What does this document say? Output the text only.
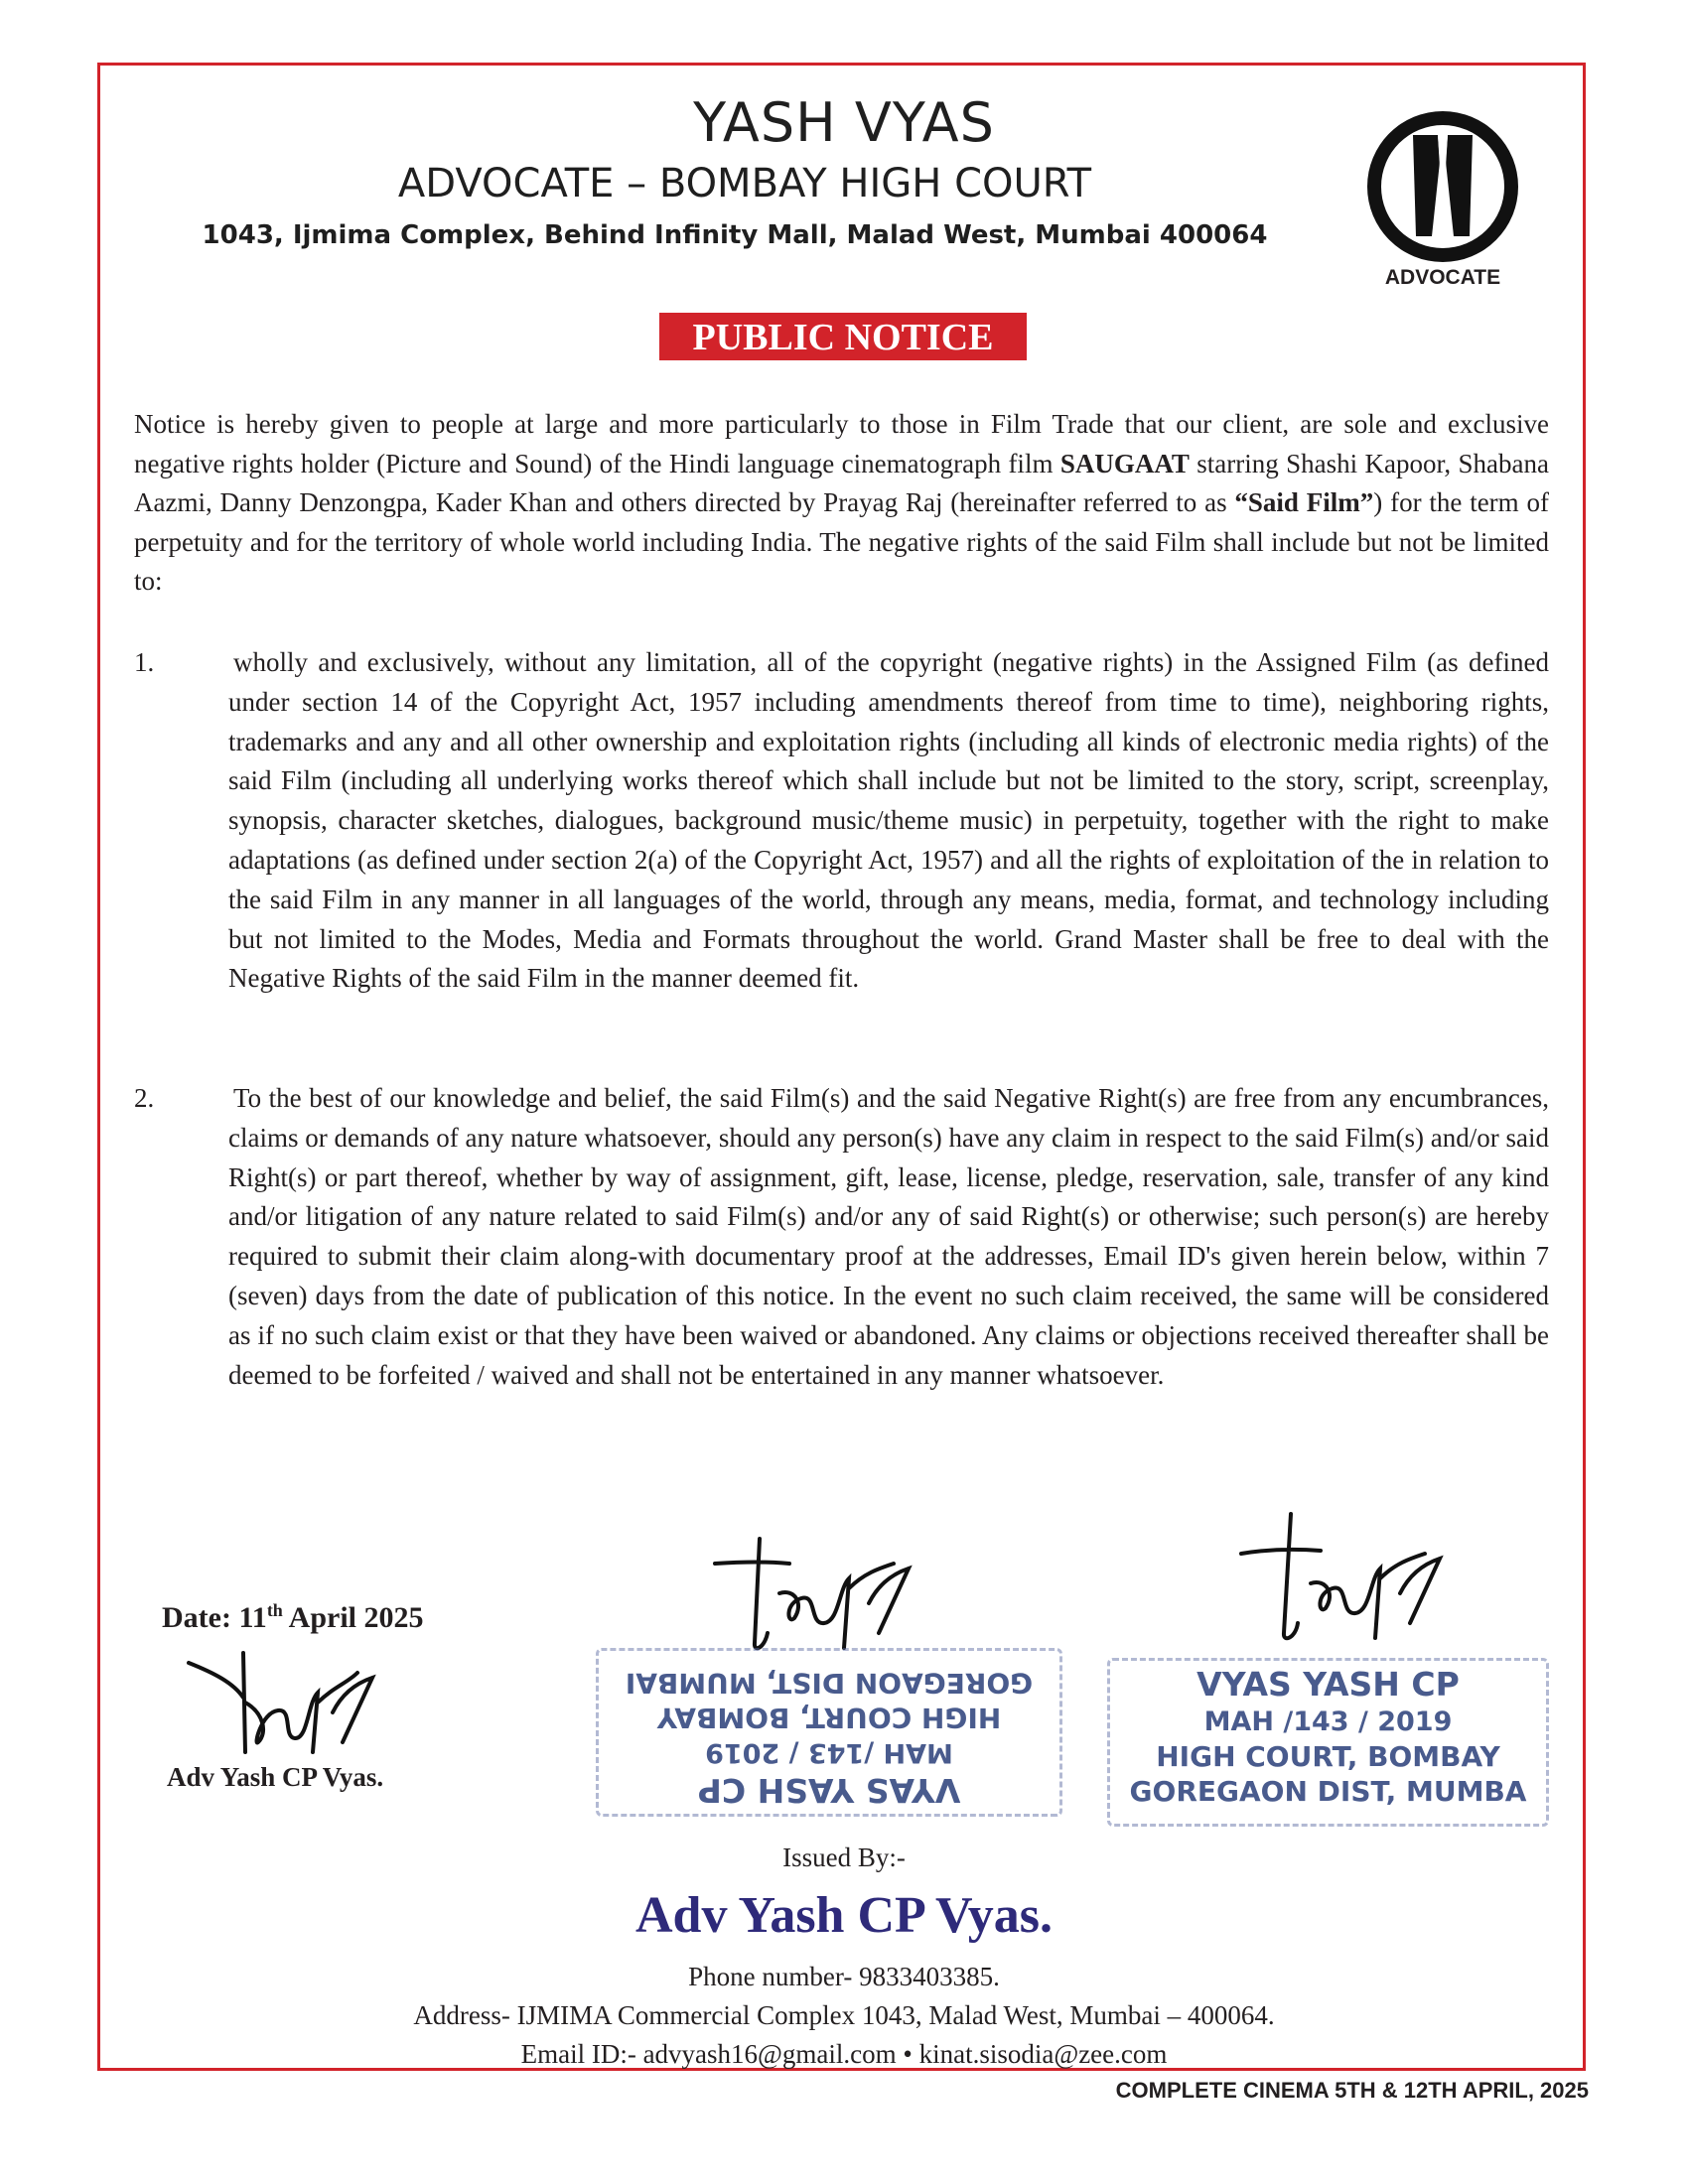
YASH VYAS
ADVOCATE – BOMBAY HIGH COURT
1043, Ijmima Complex, Behind Infinity Mall, Malad West, Mumbai 400064
ADVOCATE
PUBLIC NOTICE
Notice is hereby given to people at large and more particularly to those in Film Trade that our client, are sole and exclusive negative rights holder (Picture and Sound) of the Hindi language cinematograph film SAUGAAT starring Shashi Kapoor, Shabana Aazmi, Danny Denzongpa, Kader Khan and others directed by Prayag Raj (hereinafter referred to as “Said Film”) for the term of perpetuity and for the territory of whole world including India. The negative rights of the said Film shall include but not be limited to:
1.	wholly and exclusively, without any limitation, all of the copyright (negative rights) in the Assigned Film (as defined under section 14 of the Copyright Act, 1957 including amendments thereof from time to time), neighboring rights, trademarks and any and all other ownership and exploitation rights (including all kinds of electronic media rights) of the said Film (including all underlying works thereof which shall include but not be limited to the story, script, screenplay, synopsis, character sketches, dialogues, background music/theme music) in perpetuity, together with the right to make adaptations (as defined under section 2(a) of the Copyright Act, 1957) and all the rights of exploitation of the in relation to the said Film in any manner in all languages of the world, through any means, media, format, and technology including but not limited to the Modes, Media and Formats throughout the world. Grand Master shall be free to deal with the Negative Rights of the said Film in the manner deemed fit.
2.	To the best of our knowledge and belief, the said Film(s) and the said Negative Right(s) are free from any encumbrances, claims or demands of any nature whatsoever, should any person(s) have any claim in respect to the said Film(s) and/or said Right(s) or part thereof, whether by way of assignment, gift, lease, license, pledge, reservation, sale, transfer of any kind and/or litigation of any nature related to said Film(s) and/or any of said Right(s) or otherwise; such person(s) are hereby required to submit their claim along-with documentary proof at the addresses, Email ID's given herein below, within 7 (seven) days from the date of publication of this notice. In the event no such claim received, the same will be considered as if no such claim exist or that they have been waived or abandoned. Any claims or objections received thereafter shall be deemed to be forfeited / waived and shall not be entertained in any manner whatsoever.
Date: 11th April 2025
Adv Yash CP Vyas.	VYAS YASH CP
MAH /143 / 2019
HIGH COURT, BOMBAY
GOREGAON DIST, MUMBAI	VYAS YASH CP
MAH /143 / 2019
HIGH COURT, BOMBAY
GOREGAON DIST, MUMBA
Issued By:-
Adv Yash CP Vyas.
Phone number- 9833403385.
Address- IJMIMA Commercial Complex 1043, Malad West, Mumbai – 400064.
Email ID:- advyash16@gmail.com • kinat.sisodia@zee.com
COMPLETE CINEMA 5TH & 12TH APRIL, 2025
